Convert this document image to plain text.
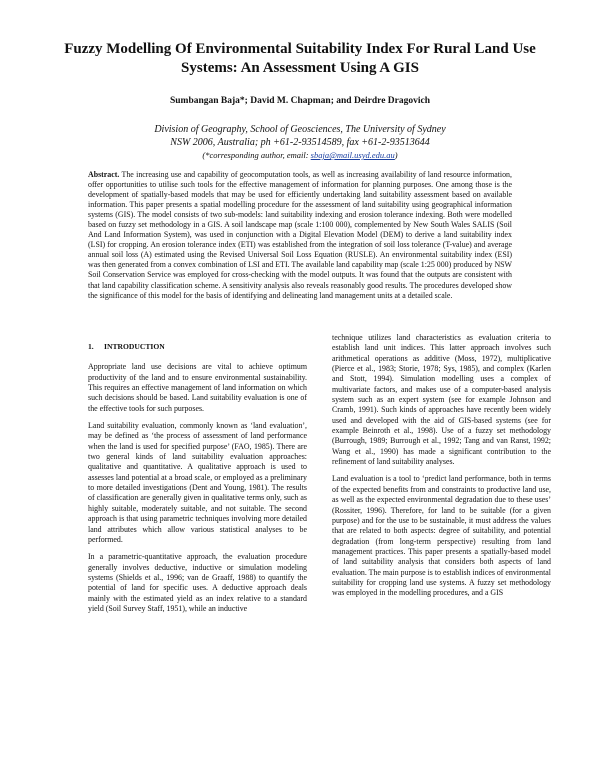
Fuzzy Modelling Of Environmental Suitability Index For Rural Land Use Systems: An Assessment Using A GIS
Sumbangan Baja*; David M. Chapman; and Deirdre Dragovich
Division of Geography, School of Geosciences, The University of Sydney
NSW 2006, Australia; ph +61-2-93514589, fax +61-2-93513644
(*corresponding author, email: sbaja@mail.usyd.edu.au)

Abstract. The increasing use and capability of geocomputation tools, as well as increasing availability of land resource information, offer opportunities to utilise such tools for the effective management of information for planning purposes. One among those is the development of spatially-based models that may be used for efficiently undertaking land suitability assessment based on available information. This paper presents a spatial modelling procedure for the assessment of land suitability using geographical information systems (GIS). The model consists of two sub-models: land suitability indexing and erosion tolerance indexing. Both were modelled based on fuzzy set methodology in a GIS. A soil landscape map (scale 1:100 000), complemented by New South Wales SALIS (Soil And Land Information System), was used in conjunction with a Digital Elevation Model (DEM) to derive a land suitability index (LSI) for cropping. An erosion tolerance index (ETI) was established from the integration of soil loss tolerance (T-value) and average annual soil loss (A) estimated using the Revised Universal Soil Loss Equation (RUSLE). An environmental suitability index (ESI) was then generated from a convex combination of LSI and ETI. The available land capability map (scale 1:25 000) produced by NSW Soil Conservation Service was employed for cross-checking with the model outputs. It was found that the outputs are consistent with that land capability classification scheme. A sensitivity analysis also reveals reasonably good results. The procedures developed show the significance of this model for the basis of identifying and delineating land management units at a detailed scale.

1.	INTRODUCTION

Appropriate land use decisions are vital to achieve optimum productivity of the land and to ensure environmental sustainability. This requires an effective management of land information on which such decisions should be based. Land suitability evaluation is one of the effective tools for such purposes.

Land suitability evaluation, commonly known as ‘land evaluation’, may be defined as ‘the process of assessment of land performance when the land is used for specified purpose’ (FAO, 1985). There are two general kinds of land suitability evaluation approaches: qualitative and quantitative. A qualitative approach is used to assesses land potential at a broad scale, or employed as a preliminary to more detailed investigations (Dent and Young, 1981). The results of classification are generally given in qualitative terms only, such as highly suitable, moderately suitable, and not suitable. The second approach is that using parametric techniques involving more detailed land attributes which allow various statistical analyses to be performed.

In a parametric-quantitative approach, the evaluation procedure generally involves deductive, inductive or simulation modeling systems (Shields et al., 1996; van de Graaff, 1988) to quantify the potential of land for specific uses. A deductive approach deals mainly with the estimated yield as an index relative to a standard yield (Soil Survey Staff, 1951), while an inductive

technique utilizes land characteristics as evaluation criteria to establish land unit indices. This latter approach involves such arithmetical operations as additive (Moss, 1972), multiplicative (Pierce et al., 1983; Storie, 1978; Sys, 1985), and complex (Karlen and Stott, 1994). Simulation modelling uses a complex of multivariate factors, and makes use of a computer-based analysis system such as an expert system (see for example Johnson and Cramb, 1991). Such kinds of approaches have recently been widely used and developed with the aid of GIS-based systems (see for example Beinroth et al., 1998). Use of a fuzzy set methodology (Burrough, 1989; Burrough et al., 1992; Tang and van Ranst, 1992; Wang et al., 1990) has made a significant contribution to the refinement of land suitability analyses.

Land evaluation is a tool to ‘predict land performance, both in terms of the expected benefits from and constraints to productive land use, as well as the expected environmental degradation due to these uses’ (Rossiter, 1996). Therefore, for land to be suitable (for a given purpose) and for the use to be sustainable, it must address the values that are related to both aspects: degree of suitability, and potential degradation (from long-term perspective) resulting from land management practices. This paper presents a spatially-based model of land suitability analysis that considers both aspects of land evaluation. The main purpose is to establish indices of environmental suitability for cropping land use systems. A fuzzy set methodology was employed in the modelling procedures, and a GIS
